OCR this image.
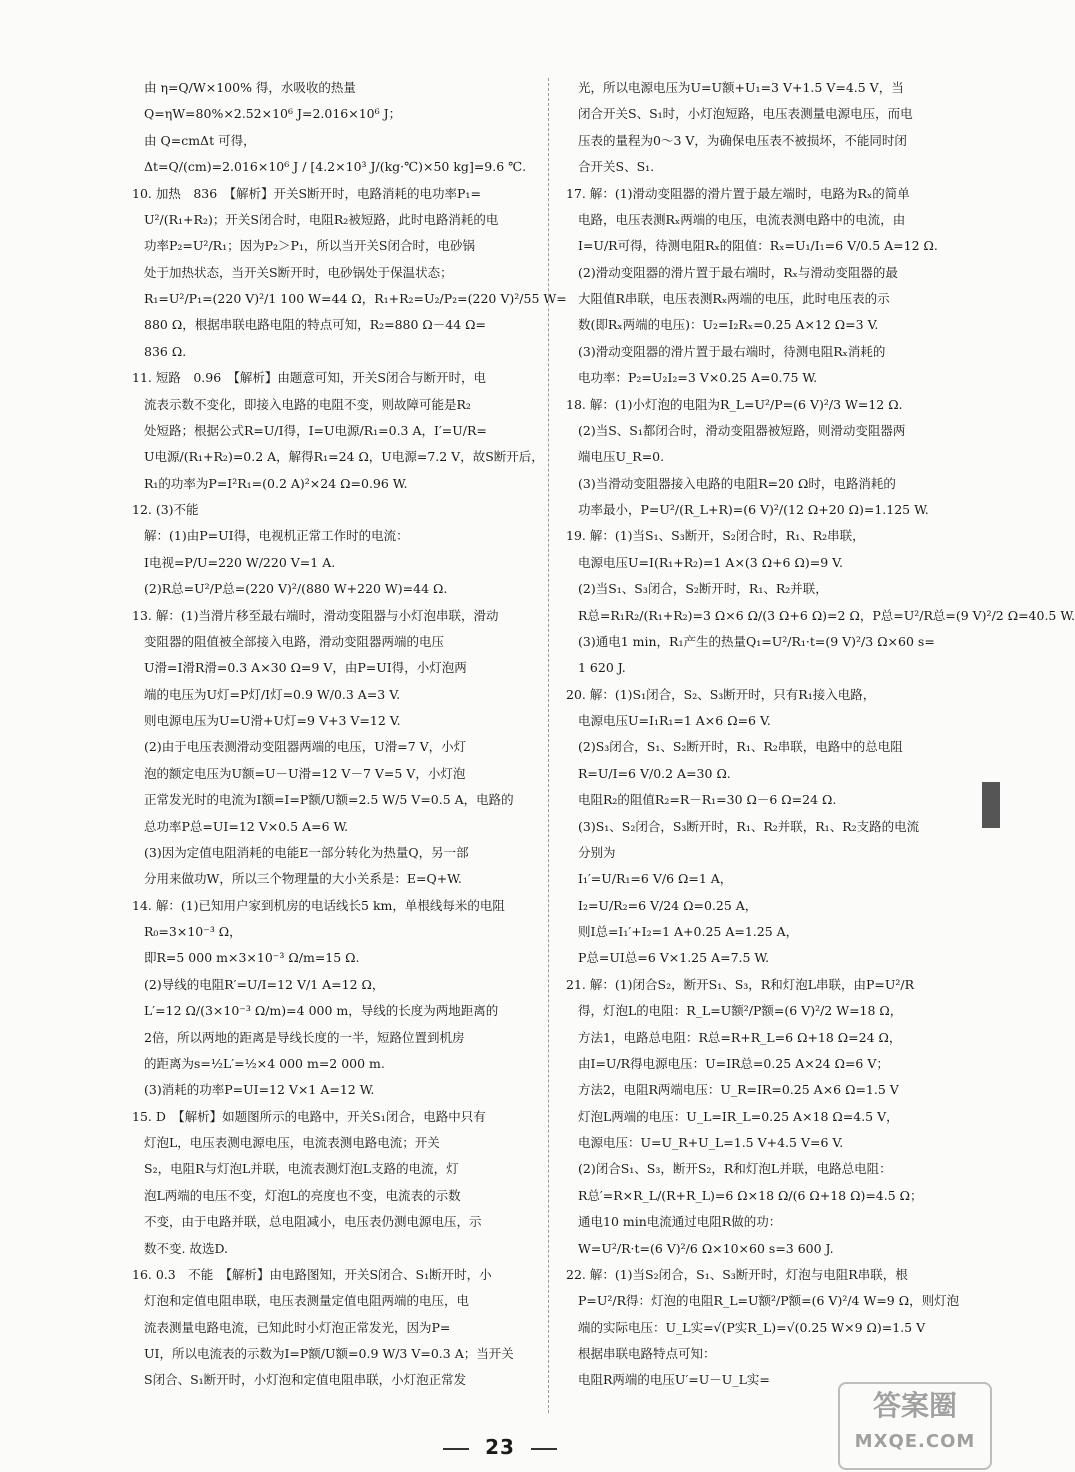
由 η=Q/W×100% 得，水吸收的热量
Q=ηW=80%×2.52×10⁶ J=2.016×10⁶ J；
由 Q=cmΔt 可得，
Δt=Q/(cm)=2.016×10⁶ J / [4.2×10³ J/(kg·℃)×50 kg]=9.6 ℃.
10. 加热　836　【解析】开关S断开时，电路消耗的电功率P₁=
U²/(R₁+R₂)；开关S闭合时，电阻R₂被短路，此时电路消耗的电
功率P₂=U²/R₁；因为P₂＞P₁，所以当开关S闭合时，电砂锅
处于加热状态，当开关S断开时，电砂锅处于保温状态；
R₁=U²/P₁=(220 V)²/1 100 W=44 Ω，R₁+R₂=U₂/P₂=(220 V)²/55 W=
880 Ω，根据串联电路电阻的特点可知，R₂=880 Ω－44 Ω=
836 Ω.
11. 短路　0.96　【解析】由题意可知，开关S闭合与断开时，电
流表示数不变化，即接入电路的电阻不变，则故障可能是R₂
处短路；根据公式R=U/I得，I=U电源/R₁=0.3 A，I′=U/R=
U电源/(R₁+R₂)=0.2 A，解得R₁=24 Ω，U电源=7.2 V，故S断开后，
R₁的功率为P=I²R₁=(0.2 A)²×24 Ω=0.96 W.
12. (3)不能
解：(1)由P=UI得，电视机正常工作时的电流：
I电视=P/U=220 W/220 V=1 A.
(2)R总=U²/P总=(220 V)²/(880 W+220 W)=44 Ω.
13. 解：(1)当滑片移至最右端时，滑动变阻器与小灯泡串联，滑动
变阻器的阻值被全部接入电路，滑动变阻器两端的电压
U滑=I滑R滑=0.3 A×30 Ω=9 V，由P=UI得，小灯泡两
端的电压为U灯=P灯/I灯=0.9 W/0.3 A=3 V.
则电源电压为U=U滑+U灯=9 V+3 V=12 V.
(2)由于电压表测滑动变阻器两端的电压，U滑=7 V，小灯
泡的额定电压为U额=U－U滑=12 V－7 V=5 V，小灯泡
正常发光时的电流为I额=I=P额/U额=2.5 W/5 V=0.5 A，电路的
总功率P总=UI=12 V×0.5 A=6 W.
(3)因为定值电阻消耗的电能E一部分转化为热量Q，另一部
分用来做功W，所以三个物理量的大小关系是：E=Q+W.
14. 解：(1)已知用户家到机房的电话线长5 km，单根线每米的电阻
R₀=3×10⁻³ Ω，
即R=5 000 m×3×10⁻³ Ω/m=15 Ω.
(2)导线的电阻R′=U/I=12 V/1 A=12 Ω，
L′=12 Ω/(3×10⁻³ Ω/m)=4 000 m，导线的长度为两地距离的
2倍，所以两地的距离是导线长度的一半，短路位置到机房
的距离为s=½L′=½×4 000 m=2 000 m.
(3)消耗的功率P=UI=12 V×1 A=12 W.
15. D　【解析】如题图所示的电路中，开关S₁闭合，电路中只有
灯泡L，电压表测电源电压，电流表测电路电流；开关
S₂，电阻R与灯泡L并联，电流表测灯泡L支路的电流，灯
泡L两端的电压不变，灯泡L的亮度也不变，电流表的示数
不变，由于电路并联，总电阻减小，电压表仍测电源电压，示
数不变. 故选D.
16. 0.3　不能　【解析】由电路图知，开关S闭合、S₁断开时，小
灯泡和定值电阻串联，电压表测量定值电阻两端的电压，电
流表测量电路电流，已知此时小灯泡正常发光，因为P=
UI，所以电流表的示数为I=P额/U额=0.9 W/3 V=0.3 A；当开关
S闭合、S₁断开时，小灯泡和定值电阻串联，小灯泡正常发
光，所以电源电压为U=U额+U₁=3 V+1.5 V=4.5 V，当
闭合开关S、S₁时，小灯泡短路，电压表测量电源电压，而电
压表的量程为0～3 V，为确保电压表不被损坏，不能同时闭
合开关S、S₁.
17. 解：(1)滑动变阻器的滑片置于最左端时，电路为Rₓ的简单
电路，电压表测Rₓ两端的电压，电流表测电路中的电流，由
I=U/R可得，待测电阻Rₓ的阻值：Rₓ=U₁/I₁=6 V/0.5 A=12 Ω.
(2)滑动变阻器的滑片置于最右端时，Rₓ与滑动变阻器的最
大阻值R串联，电压表测Rₓ两端的电压，此时电压表的示
数(即Rₓ两端的电压)：U₂=I₂Rₓ=0.25 A×12 Ω=3 V.
(3)滑动变阻器的滑片置于最右端时，待测电阻Rₓ消耗的
电功率：P₂=U₂I₂=3 V×0.25 A=0.75 W.
18. 解：(1)小灯泡的电阻为R_L=U²/P=(6 V)²/3 W=12 Ω.
(2)当S、S₁都闭合时，滑动变阻器被短路，则滑动变阻器两
端电压U_R=0.
(3)当滑动变阻器接入电路的电阻R=20 Ω时，电路消耗的
功率最小，P=U²/(R_L+R)=(6 V)²/(12 Ω+20 Ω)=1.125 W.
19. 解：(1)当S₁、S₃断开，S₂闭合时，R₁、R₂串联，
电源电压U=I(R₁+R₂)=1 A×(3 Ω+6 Ω)=9 V.
(2)当S₁、S₃闭合，S₂断开时，R₁、R₂并联，
R总=R₁R₂/(R₁+R₂)=3 Ω×6 Ω/(3 Ω+6 Ω)=2 Ω，P总=U²/R总=(9 V)²/2 Ω=40.5 W.
(3)通电1 min，R₁产生的热量Q₁=U²/R₁·t=(9 V)²/3 Ω×60 s=
1 620 J.
20. 解：(1)S₁闭合，S₂、S₃断开时，只有R₁接入电路，
电源电压U=I₁R₁=1 A×6 Ω=6 V.
(2)S₃闭合，S₁、S₂断开时，R₁、R₂串联，电路中的总电阻
R=U/I=6 V/0.2 A=30 Ω.
电阻R₂的阻值R₂=R－R₁=30 Ω－6 Ω=24 Ω.
(3)S₁、S₂闭合，S₃断开时，R₁、R₂并联，R₁、R₂支路的电流
分别为
I₁′=U/R₁=6 V/6 Ω=1 A，
I₂=U/R₂=6 V/24 Ω=0.25 A，
则I总=I₁′+I₂=1 A+0.25 A=1.25 A，
P总=UI总=6 V×1.25 A=7.5 W.
21. 解：(1)闭合S₂，断开S₁、S₃，R和灯泡L串联，由P=U²/R
得，灯泡L的电阻：R_L=U额²/P额=(6 V)²/2 W=18 Ω，
方法1，电路总电阻：R总=R+R_L=6 Ω+18 Ω=24 Ω，
由I=U/R得电源电压：U=IR总=0.25 A×24 Ω=6 V；
方法2，电阻R两端电压：U_R=IR=0.25 A×6 Ω=1.5 V
灯泡L两端的电压：U_L=IR_L=0.25 A×18 Ω=4.5 V，
电源电压：U=U_R+U_L=1.5 V+4.5 V=6 V.
(2)闭合S₁、S₃，断开S₂，R和灯泡L并联，电路总电阻：
R总′=R×R_L/(R+R_L)=6 Ω×18 Ω/(6 Ω+18 Ω)=4.5 Ω；
通电10 min电流通过电阻R做的功：
W=U²/R·t=(6 V)²/6 Ω×10×60 s=3 600 J.
22. 解：(1)当S₂闭合，S₁、S₃断开时，灯泡与电阻R串联，根
P=U²/R得：灯泡的电阻R_L=U额²/P额=(6 V)²/4 W=9 Ω，则灯泡
端的实际电压：U_L实=√(P实R_L)=√(0.25 W×9 Ω)=1.5 V
根据串联电路特点可知：
电阻R两端的电压U′=U－U_L实=
23
答案圈
MXQE.COM
